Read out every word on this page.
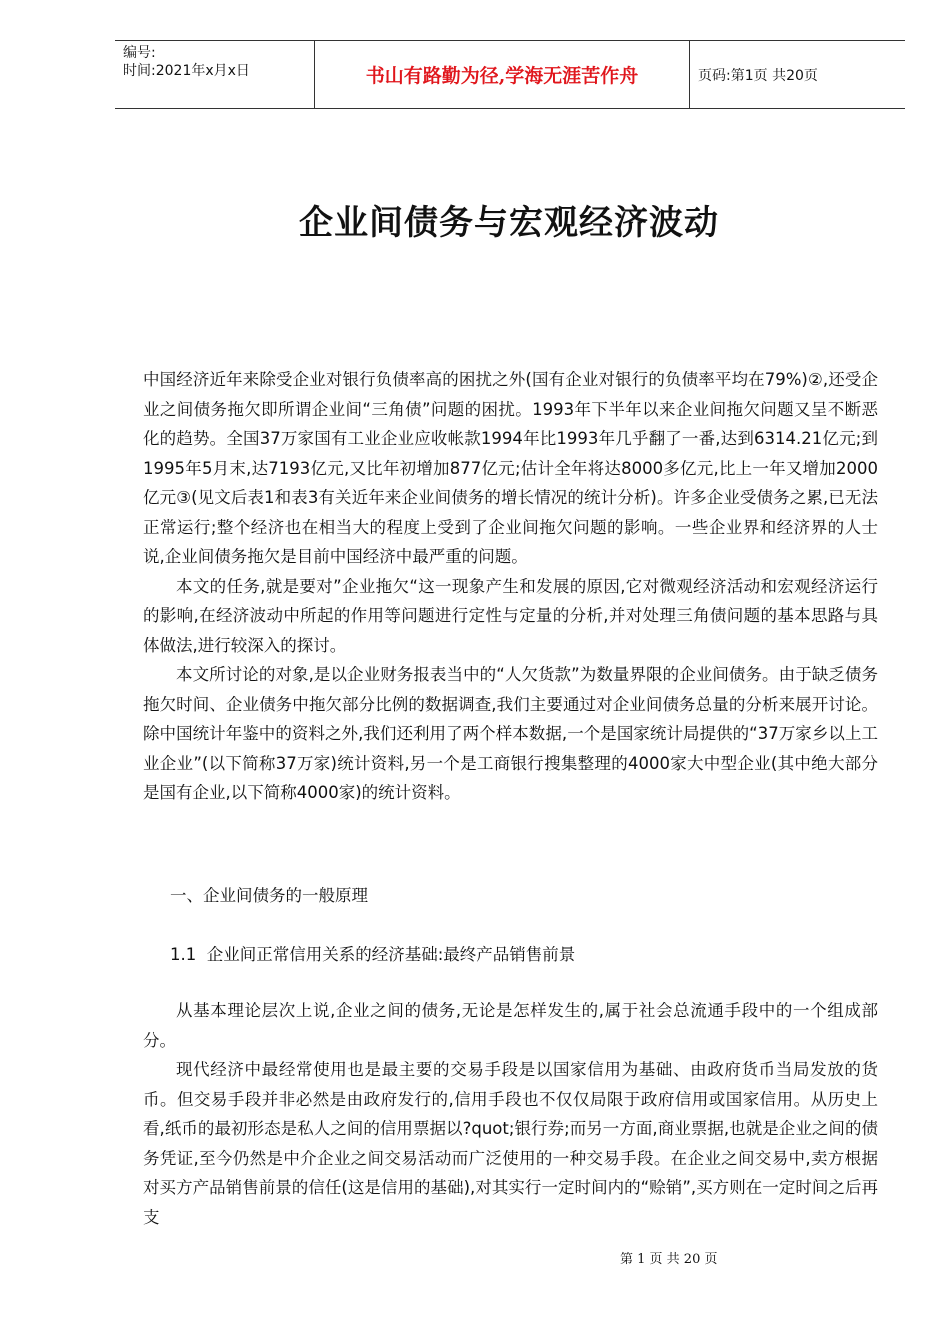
编号:
时间:2021年x月x日	书山有路勤为径,学海无涯苦作舟	页码:第1页 共20页
企业间债务与宏观经济波动

中国经济近年来除受企业对银行负债率高的困扰之外(国有企业对银行的负债率平均在79%)②,还受企业之间债务拖欠即所谓企业间“三角债”问题的困扰。1993年下半年以来企业间拖欠问题又呈不断恶化的趋势。全国37万家国有工业企业应收帐款1994年比1993年几乎翻了一番,达到6314.21亿元;到1995年5月末,达7193亿元,又比年初增加877亿元;估计全年将达8000多亿元,比上一年又增加2000亿元③(见文后表1和表3有关近年来企业间债务的增长情况的统计分析)。许多企业受债务之累,已无法正常运行;整个经济也在相当大的程度上受到了企业间拖欠问题的影响。一些企业界和经济界的人士说,企业间债务拖欠是目前中国经济中最严重的问题。

本文的任务,就是要对”企业拖欠“这一现象产生和发展的原因,它对微观经济活动和宏观经济运行的影响,在经济波动中所起的作用等问题进行定性与定量的分析,并对处理三角债问题的基本思路与具体做法,进行较深入的探讨。

本文所讨论的对象,是以企业财务报表当中的“人欠货款”为数量界限的企业间债务。由于缺乏债务拖欠时间、企业债务中拖欠部分比例的数据调查,我们主要通过对企业间债务总量的分析来展开讨论。除中国统计年鉴中的资料之外,我们还利用了两个样本数据,一个是国家统计局提供的“37万家乡以上工业企业”(以下简称37万家)统计资料,另一个是工商银行搜集整理的4000家大中型企业(其中绝大部分是国有企业,以下简称4000家)的统计资料。

一、企业间债务的一般原理
1.1  企业间正常信用关系的经济基础:最终产品销售前景

从基本理论层次上说,企业之间的债务,无论是怎样发生的,属于社会总流通手段中的一个组成部分。

现代经济中最经常使用也是最主要的交易手段是以国家信用为基础、由政府货币当局发放的货币。但交易手段并非必然是由政府发行的,信用手段也不仅仅局限于政府信用或国家信用。从历史上看,纸币的最初形态是私人之间的信用票据以?quot;银行券;而另一方面,商业票据,也就是企业之间的债务凭证,至今仍然是中介企业之间交易活动而广泛使用的一种交易手段。在企业之间交易中,卖方根据对买方产品销售前景的信任(这是信用的基础),对其实行一定时间内的“赊销”,买方则在一定时间之后再支

第 1 页 共 20 页
